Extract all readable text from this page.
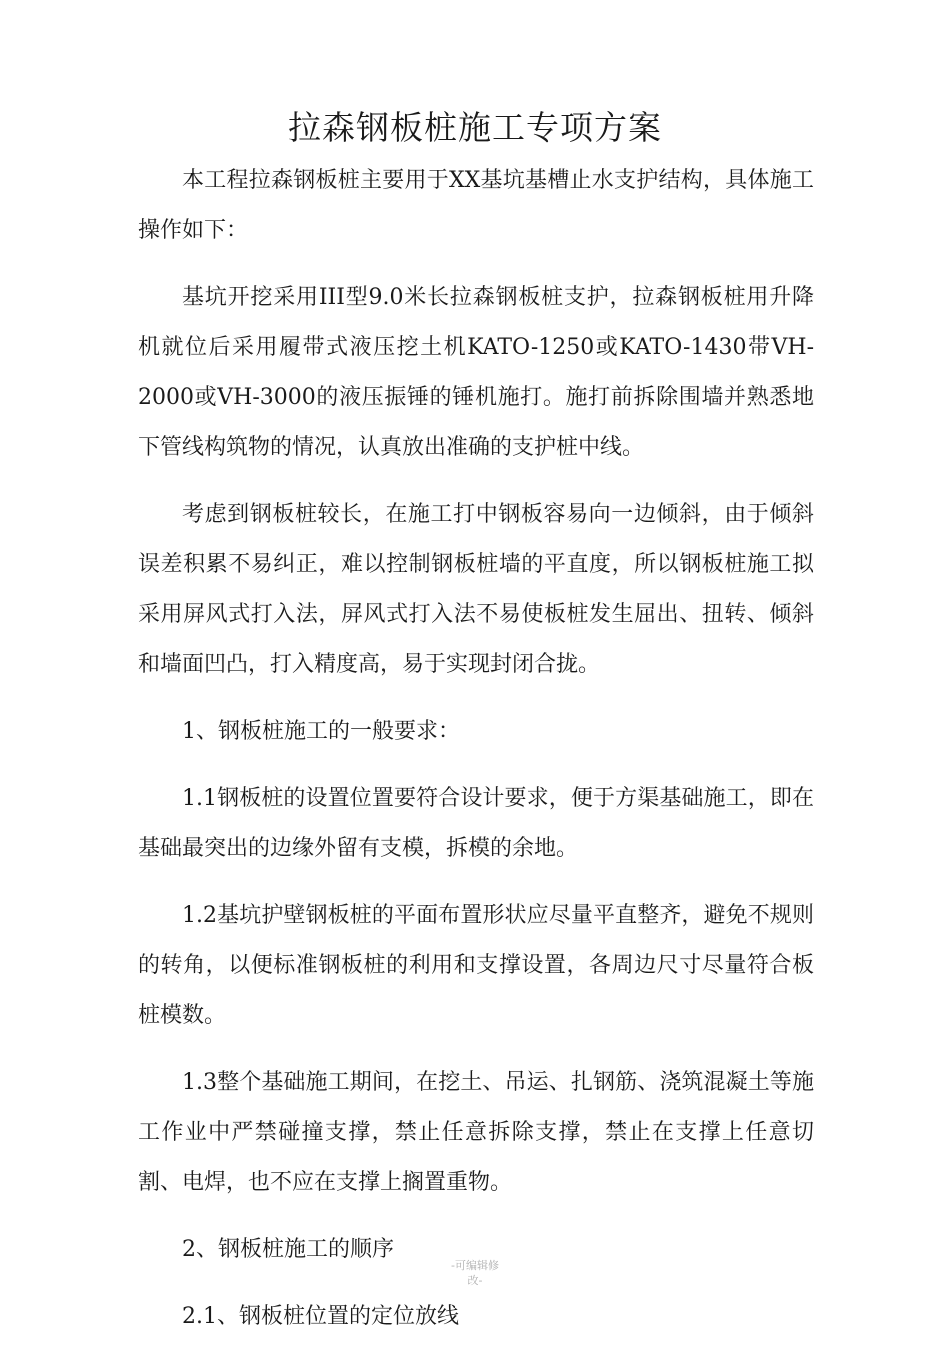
拉森钢板桩施工专项方案

本工程拉森钢板桩主要用于XX基坑基槽止水支护结构，具体施工操作如下：

基坑开挖采用III型9.0米长拉森钢板桩支护，拉森钢板桩用升降机就位后采用履带式液压挖土机KATO-1250或KATO-1430带VH-2000或VH-3000的液压振锤的锤机施打。施打前拆除围墙并熟悉地下管线构筑物的情况，认真放出准确的支护桩中线。

考虑到钢板桩较长，在施工打中钢板容易向一边倾斜，由于倾斜误差积累不易纠正，难以控制钢板桩墙的平直度，所以钢板桩施工拟采用屏风式打入法，屏风式打入法不易使板桩发生屈出、扭转、倾斜和墙面凹凸，打入精度高，易于实现封闭合拢。

1、钢板桩施工的一般要求：

1.1钢板桩的设置位置要符合设计要求，便于方渠基础施工，即在基础最突出的边缘外留有支模，拆模的余地。

1.2基坑护壁钢板桩的平面布置形状应尽量平直整齐，避免不规则的转角，以便标准钢板桩的利用和支撑设置，各周边尺寸尽量符合板桩模数。

1.3整个基础施工期间，在挖土、吊运、扎钢筋、浇筑混凝土等施工作业中严禁碰撞支撑，禁止任意拆除支撑，禁止在支撑上任意切割、电焊，也不应在支撑上搁置重物。

2、钢板桩施工的顺序

2.1、钢板桩位置的定位放线

-可编辑修
改-
